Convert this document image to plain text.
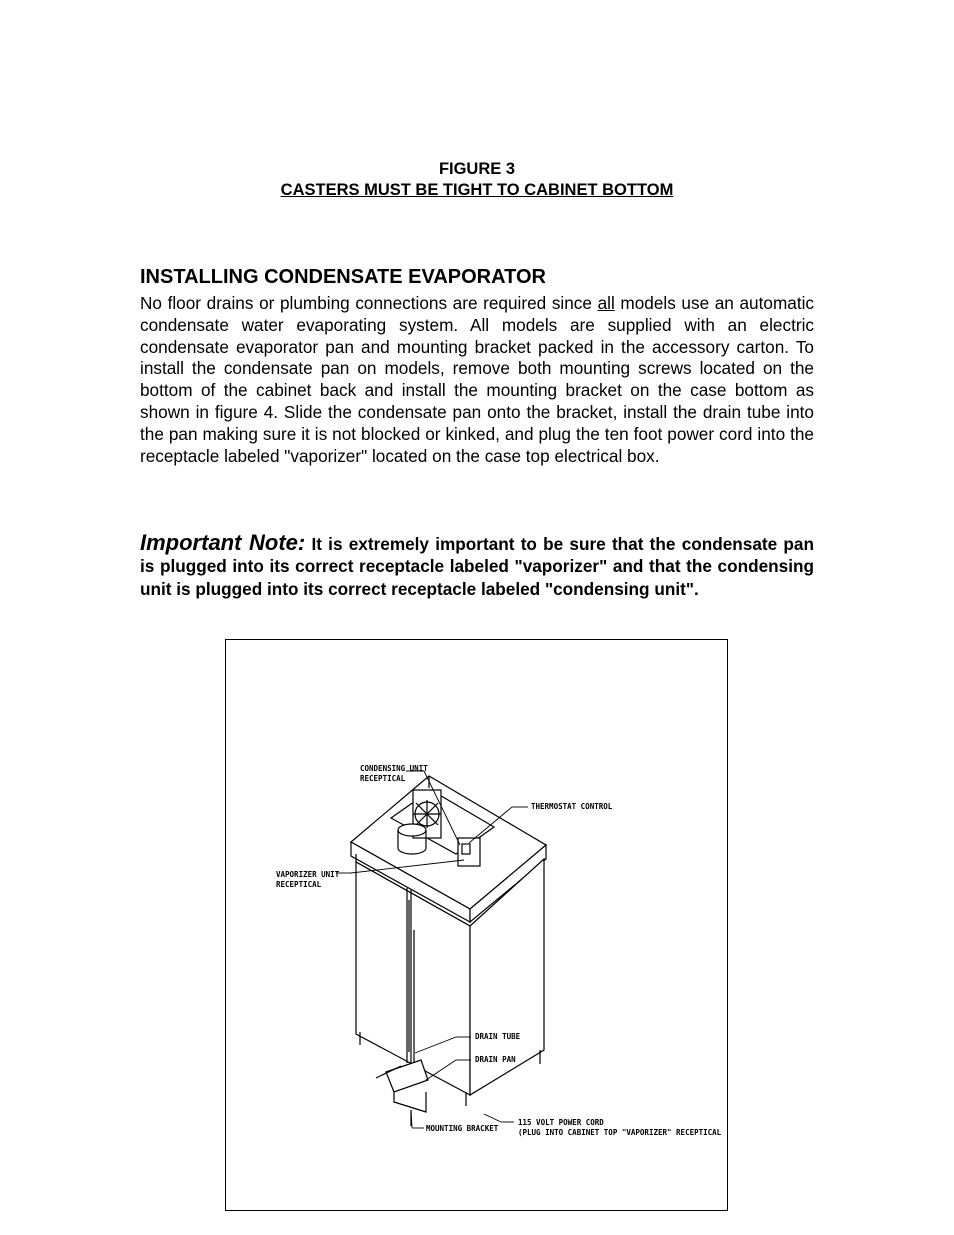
FIGURE 3
CASTERS MUST BE TIGHT TO CABINET BOTTOM
INSTALLING CONDENSATE EVAPORATOR

No floor drains or plumbing connections are required since all models use an automatic condensate water evaporating system. All models are supplied with an electric condensate evaporator pan and mounting bracket packed in the accessory carton. To install the condensate pan on models, remove both mounting screws located on the bottom of the cabinet back and install the mounting bracket on the case bottom as shown in figure 4. Slide the condensate pan onto the bracket, install the drain tube into the pan making sure it is not blocked or kinked, and plug the ten foot power cord into the receptacle labeled "vaporizer" located on the case top electrical box.

Important Note: It is extremely important to be sure that the condensate pan is plugged into its correct receptacle labeled "vaporizer" and that the condensing unit is plugged into its correct receptacle labeled "condensing unit".

CONDENSING UNIT
RECEPTICAL
THERMOSTAT CONTROL
VAPORIZER UNIT
RECEPTICAL
DRAIN TUBE
DRAIN PAN
MOUNTING BRACKET
115 VOLT POWER CORD
(PLUG INTO CABINET TOP "VAPORIZER" RECEPTICAL
